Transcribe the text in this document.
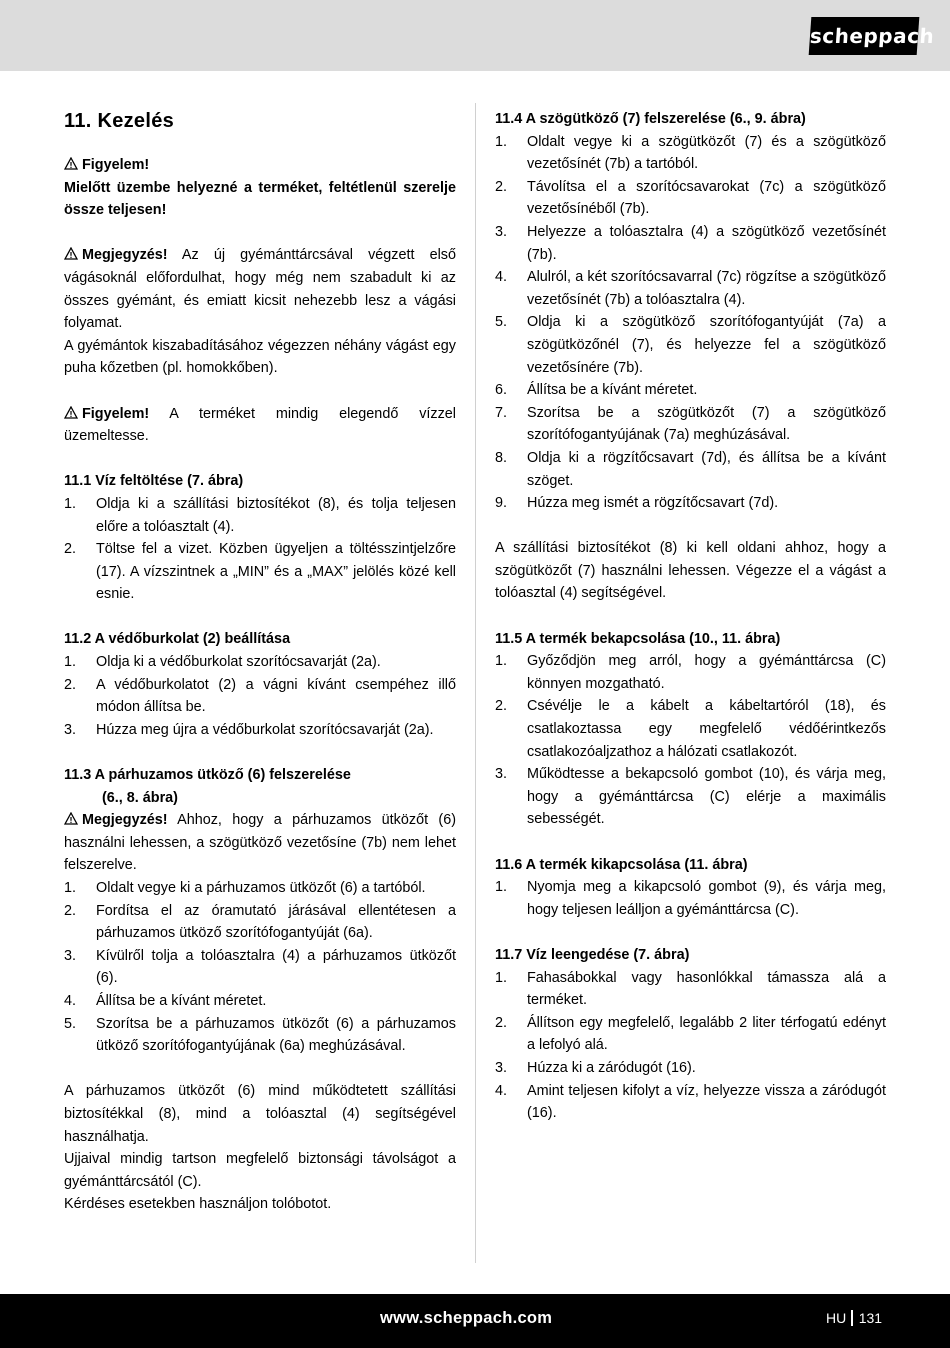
scheppach
11. Kezelés

Figyelem!
Mielőtt üzembe helyezné a terméket, feltétlenül szerelje össze teljesen!

Megjegyzés! Az új gyémánttárcsával végzett első vágásoknál előfordulhat, hogy még nem szabadult ki az összes gyémánt, és emiatt kicsit nehezebb lesz a vágási folyamat.

A gyémántok kiszabadításához végezzen néhány vágást egy puha kőzetben (pl. homokkőben).

Figyelem! A terméket mindig elegendő vízzel üzemeltesse.

11.1 Víz feltöltése (7. ábra)

1. Oldja ki a szállítási biztosítékot (8), és tolja teljesen előre a tolóasztalt (4).
2. Töltse fel a vizet. Közben ügyeljen a töltésszintjelzőre (17). A vízszintnek a „MIN” és a „MAX” jelölés közé kell esnie.

11.2 A védőburkolat (2) beállítása

1. Oldja ki a védőburkolat szorítócsavarját (2a).
2. A védőburkolatot (2) a vágni kívánt csempéhez illő módon állítsa be.
3. Húzza meg újra a védőburkolat szorítócsavarját (2a).

11.3 A párhuzamos ütköző (6) felszerelése

(6., 8. ábra)

Megjegyzés! Ahhoz, hogy a párhuzamos ütközőt (6) használni lehessen, a szögütköző vezetősíne (7b) nem lehet felszerelve.

1. Oldalt vegye ki a párhuzamos ütközőt (6) a tartóból.
2. Fordítsa el az óramutató járásával ellentétesen a párhuzamos ütköző szorítófogantyúját (6a).
3. Kívülről tolja a tolóasztalra (4) a párhuzamos ütközőt (6).
4. Állítsa be a kívánt méretet.
5. Szorítsa be a párhuzamos ütközőt (6) a párhuzamos ütköző szorítófogantyújának (6a) meghúzásával.

A párhuzamos ütközőt (6) mind működtetett szállítási biztosítékkal (8), mind a tolóasztal (4) segítségével használhatja.

Ujjaival mindig tartson megfelelő biztonsági távolságot a gyémánttárcsától (C).

Kérdéses esetekben használjon tolóbotot.

11.4 A szögütköző (7) felszerelése (6., 9. ábra)

1. Oldalt vegye ki a szögütközőt (7) és a szögütköző vezetősínét (7b) a tartóból.
2. Távolítsa el a szorítócsavarokat (7c) a szögütköző vezetősínéből (7b).
3. Helyezze a tolóasztalra (4) a szögütköző vezetősínét (7b).
4. Alulról, a két szorítócsavarral (7c) rögzítse a szögütköző vezetősínét (7b) a tolóasztalra (4).
5. Oldja ki a szögütköző szorítófogantyúját (7a) a szögütközőnél (7), és helyezze fel a szögütköző vezetősínére (7b).
6. Állítsa be a kívánt méretet.
7. Szorítsa be a szögütközőt (7) a szögütköző szorítófogantyújának (7a) meghúzásával.
8. Oldja ki a rögzítőcsavart (7d), és állítsa be a kívánt szöget.
9. Húzza meg ismét a rögzítőcsavart (7d).

A szállítási biztosítékot (8) ki kell oldani ahhoz, hogy a szögütközőt (7) használni lehessen. Végezze el a vágást a tolóasztal (4) segítségével.

11.5 A termék bekapcsolása (10., 11. ábra)

1. Győződjön meg arról, hogy a gyémánttárcsa (C) könnyen mozgatható.
2. Csévélje le a kábelt a kábeltartóról (18), és csatlakoztassa egy megfelelő védőérintkezős csatlakozóaljzathoz a hálózati csatlakozót.
3. Működtesse a bekapcsoló gombot (10), és várja meg, hogy a gyémánttárcsa (C) elérje a maximális sebességét.

11.6 A termék kikapcsolása (11. ábra)

1. Nyomja meg a kikapcsoló gombot (9), és várja meg, hogy teljesen leálljon a gyémánttárcsa (C).

11.7 Víz leengedése (7. ábra)

1. Fahasábokkal vagy hasonlókkal támassza alá a terméket.
2. Állítson egy megfelelő, legalább 2 liter térfogatú edényt a lefolyó alá.
3. Húzza ki a záródugót (16).
4. Amint teljesen kifolyt a víz, helyezze vissza a záródugót (16).
www.scheppach.com	HU 131
